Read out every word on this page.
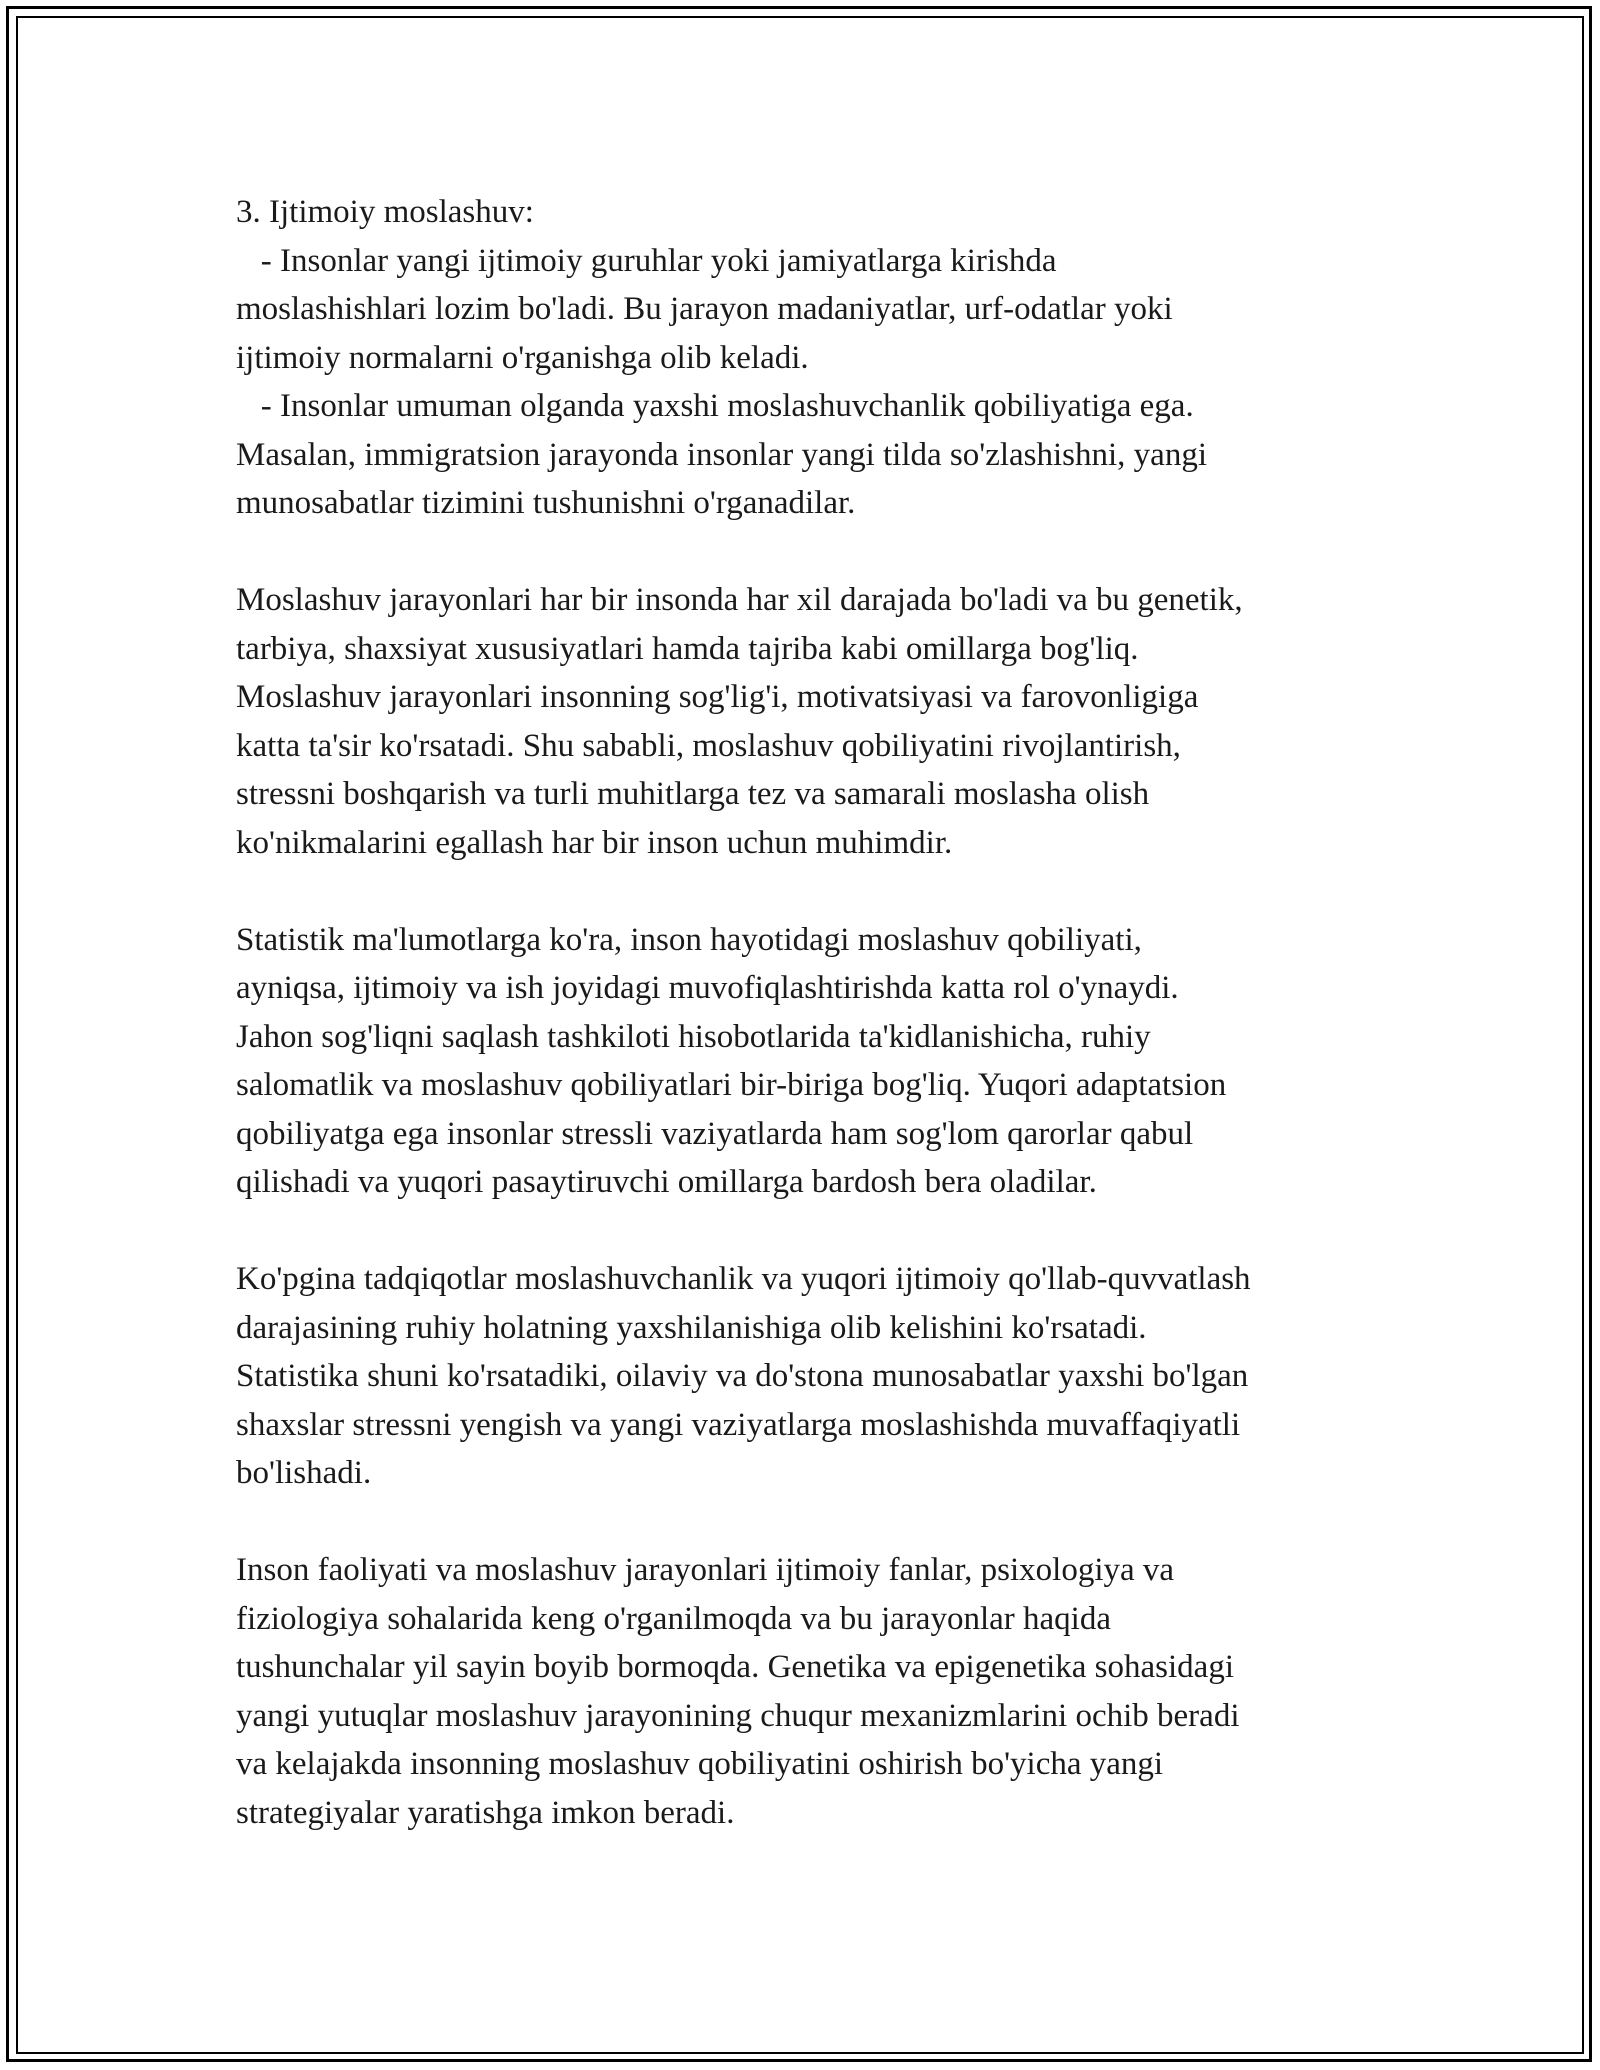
3. Ijtimoiy moslashuv:

- Insonlar yangi ijtimoiy guruhlar yoki jamiyatlarga kirishda

moslashishlari lozim bo'ladi. Bu jarayon madaniyatlar, urf-odatlar yoki

ijtimoiy normalarni o'rganishga olib keladi.

- Insonlar umuman olganda yaxshi moslashuvchanlik qobiliyatiga ega.

Masalan, immigratsion jarayonda insonlar yangi tilda so'zlashishni, yangi

munosabatlar tizimini tushunishni o'rganadilar.

Moslashuv jarayonlari har bir insonda har xil darajada bo'ladi va bu genetik,

tarbiya, shaxsiyat xususiyatlari hamda tajriba kabi omillarga bog'liq.

Moslashuv jarayonlari insonning sog'lig'i, motivatsiyasi va farovonligiga

katta ta'sir ko'rsatadi. Shu sababli, moslashuv qobiliyatini rivojlantirish,

stressni boshqarish va turli muhitlarga tez va samarali moslasha olish

ko'nikmalarini egallash har bir inson uchun muhimdir.

Statistik ma'lumotlarga ko'ra, inson hayotidagi moslashuv qobiliyati,

ayniqsa, ijtimoiy va ish joyidagi muvofiqlashtirishda katta rol o'ynaydi.

Jahon sog'liqni saqlash tashkiloti hisobotlarida ta'kidlanishicha, ruhiy

salomatlik va moslashuv qobiliyatlari bir-biriga bog'liq. Yuqori adaptatsion

qobiliyatga ega insonlar stressli vaziyatlarda ham sog'lom qarorlar qabul

qilishadi va yuqori pasaytiruvchi omillarga bardosh bera oladilar.

Ko'pgina tadqiqotlar moslashuvchanlik va yuqori ijtimoiy qo'llab-quvvatlash

darajasining ruhiy holatning yaxshilanishiga olib kelishini ko'rsatadi.

Statistika shuni ko'rsatadiki, oilaviy va do'stona munosabatlar yaxshi bo'lgan

shaxslar stressni yengish va yangi vaziyatlarga moslashishda muvaffaqiyatli

bo'lishadi.

Inson faoliyati va moslashuv jarayonlari ijtimoiy fanlar, psixologiya va

fiziologiya sohalarida keng o'rganilmoqda va bu jarayonlar haqida

tushunchalar yil sayin boyib bormoqda. Genetika va epigenetika sohasidagi

yangi yutuqlar moslashuv jarayonining chuqur mexanizmlarini ochib beradi

va kelajakda insonning moslashuv qobiliyatini oshirish bo'yicha yangi

strategiyalar yaratishga imkon beradi.
